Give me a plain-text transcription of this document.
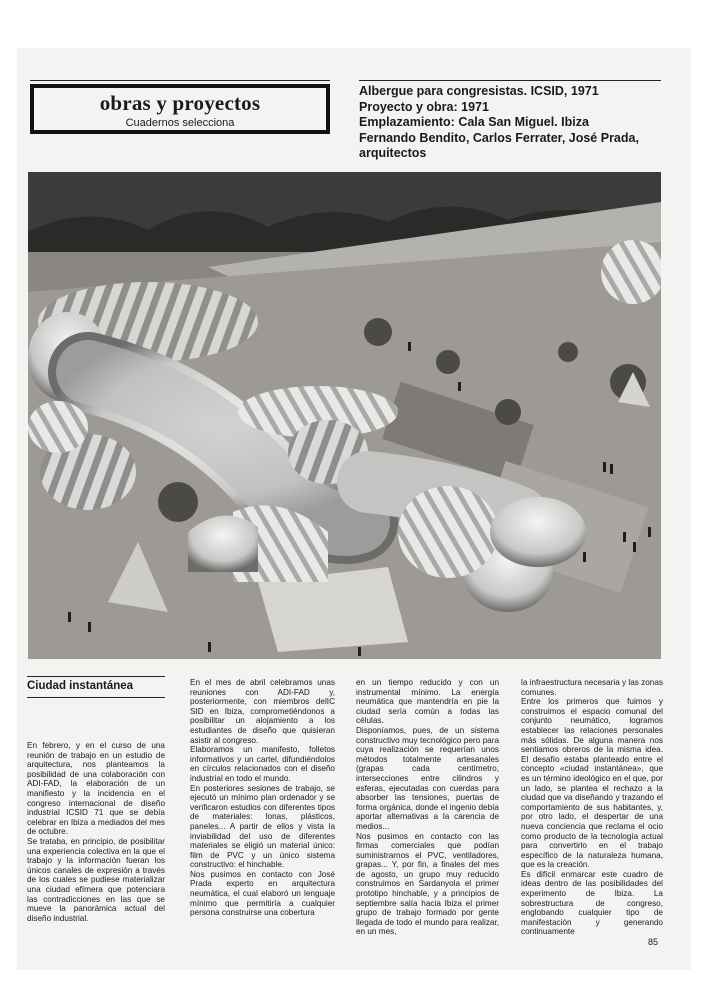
obras y proyectos
Cuadernos selecciona
Albergue para congresistas. ICSID, 1971
Proyecto y obra: 1971
Emplazamiento: Cala San Miguel. Ibiza
Fernando Bendito, Carlos Ferrater, José Prada,
arquitectos
Ciudad instantánea

En febrero, y en el curso de una reunión de trabajo en un estudio de arquitectura, nos planteamos la posibilidad de una colaboración con ADI-FAD, la elaboración de un manifiesto y la incidencia en el congreso internacional de diseño industrial ICSID 71 que se debía celebrar en Ibiza a mediados del mes de octubre.

Se trataba, en principio, de posibilitar una experiencia colectiva en la que el trabajo y la información fueran los únicos canales de expresión a través de los cuales se pudiese materializar una ciudad efímera que potenciara las contradicciones en las que se mueve la panorámica actual del diseño industrial.

En el mes de abril celebramos unas reuniones con ADI-FAD y, posteriormente, con miembros delIC SID en Ibiza, comprometiéndonos a posibilitar un alojamiento a los estudiantes de diseño que quisieran asistir al congreso.

Elaboramos un manifesto, folletos informativos y un cartel, difundiéndolos en círculos relacionados con el diseño industrial en todo el mundo.

En posteriores sesiones de trabajo, se ejecutó un mínimo plan ordenador y se verificaron estudios con diferentes tipos de materiales: lonas, plásticos, paneles... A partir de ellos y vista la inviabilidad del uso de diferentes materiales se eligió un material único: film de PVC y un único sistema constructivo: el hinchable.

Nos pusimos en contacto con José Prada experto en arquitectura neumática, el cual elaboró un lenguaje mínimo que permitiría a cualquier persona construirse una cobertura

en un tiempo reducido y con un instrumental mínimo. La energía neumática que mantendría en pie la ciudad sería común a todas las células.

Disponíamos, pues, de un sistema constructivo muy tecnológico pero para cuya realización se requerían unos métodos totalmente artesanales (grapas cada centímetro, intersecciones entre cilindros y esferas, ejecutadas con cuerdas para absorber las tensiones, puertas de forma orgánica, donde el ingenio debía aportar alternativas a la carencia de medios...

Nos pusimos en contacto con las firmas comerciales que podían suministrarnos el PVC, ventiladores, grapas... Y, por fin, a finales del mes de agosto, un grupo muy reducido construimos en Sardanyola el primer prototipo hinchable, y a principios de septiembre salía hacia Ibiza el primer grupo de trabajo formado por gente llegada de todo el mundo para realizar, en un mes,

la infraestructura necesaria y las zonas comunes.

Entre los primeros que fuimos y construimos el espacio comunal del conjunto neumático, logramos establecer las relaciones personales más sólidas. De alguna manera nos sentiamos obreros de la misma idea. El desafío estaba planteado entre el concepto «ciudad instantánea», que es un término ideológico en el que, por un lado, se plantea el rechazo a la ciudad que va diseñando y trazando el comportamiento de sus habitantes, y, por otro lado, el despertar de una nueva conciencia que reclama el ocio como producto de la tecnología actual para convertirlo en el trabajo específico de la naturaleza humana, que es la creación.

Es difícil enmarcar este cuadro de ideas dentro de las posibilidades del experimento de Ibiza. La sobrestructura de congreso, englobando cualquier tipo de manifestación y generando continuamente

85
